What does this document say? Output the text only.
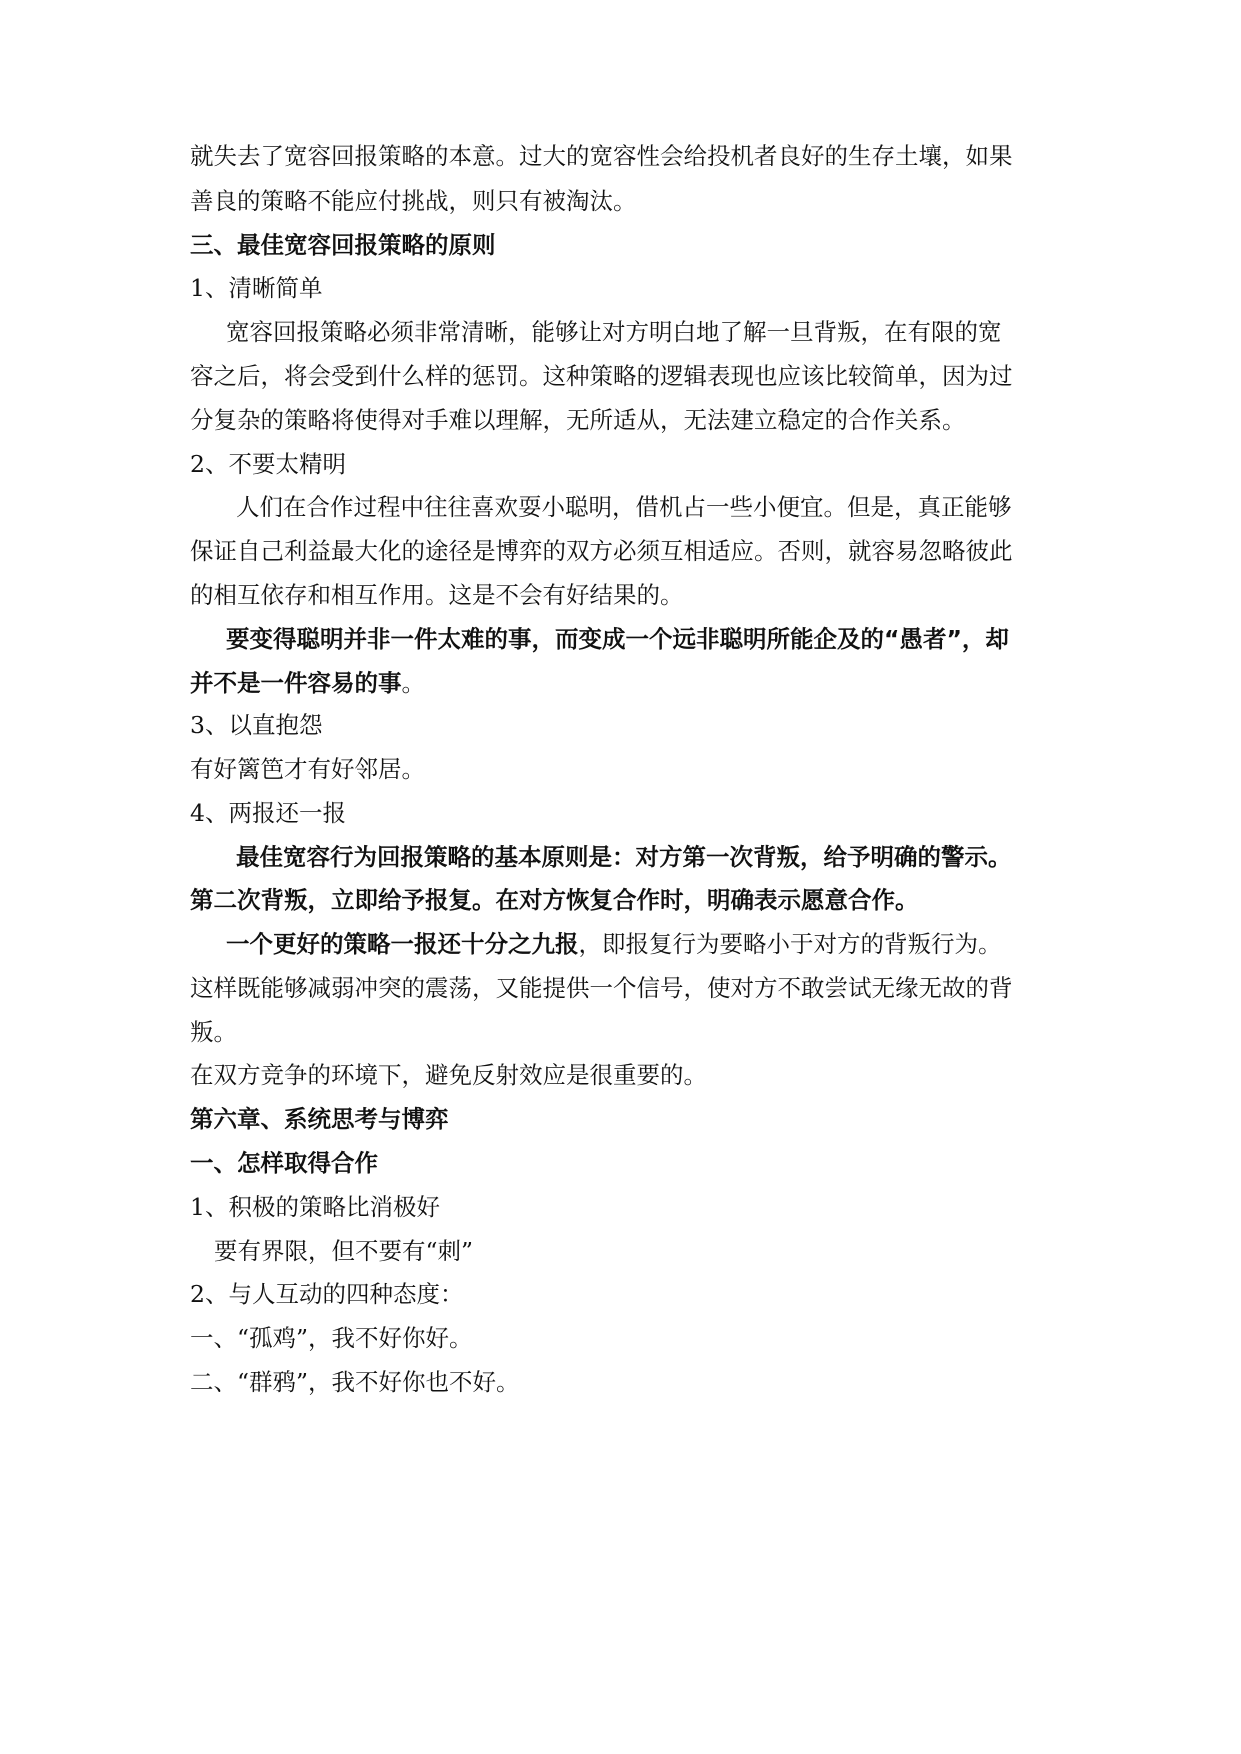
就失去了宽容回报策略的本意。过大的宽容性会给投机者良好的生存土壤，如果
善良的策略不能应付挑战，则只有被淘汰。
三、最佳宽容回报策略的原则
1、清晰简单
宽容回报策略必须非常清晰，能够让对方明白地了解一旦背叛，在有限的宽
容之后，将会受到什么样的惩罚。这种策略的逻辑表现也应该比较简单，因为过
分复杂的策略将使得对手难以理解，无所适从，无法建立稳定的合作关系。
2、不要太精明
人们在合作过程中往往喜欢耍小聪明，借机占一些小便宜。但是，真正能够
保证自己利益最大化的途径是博弈的双方必须互相适应。否则，就容易忽略彼此
的相互依存和相互作用。这是不会有好结果的。
要变得聪明并非一件太难的事，而变成一个远非聪明所能企及的“愚者”，却
并不是一件容易的事。
3、以直抱怨
有好篱笆才有好邻居。
4、两报还一报
最佳宽容行为回报策略的基本原则是：对方第一次背叛，给予明确的警示。
第二次背叛，立即给予报复。在对方恢复合作时，明确表示愿意合作。
一个更好的策略一报还十分之九报，即报复行为要略小于对方的背叛行为。
这样既能够减弱冲突的震荡，又能提供一个信号，使对方不敢尝试无缘无故的背
叛。
在双方竞争的环境下，避免反射效应是很重要的。
第六章、系统思考与博弈
一、怎样取得合作
1、积极的策略比消极好
要有界限，但不要有“刺”
2、与人互动的四种态度：
一、“孤鸡”，我不好你好。
二、“群鸦”，我不好你也不好。
